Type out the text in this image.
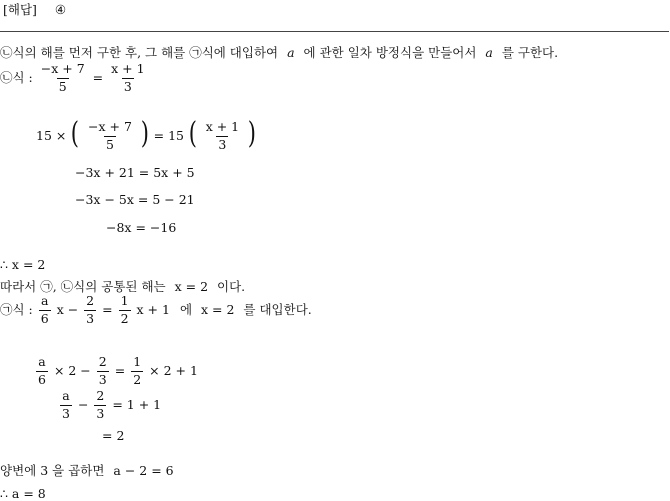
[해답] ④
㉡식의 해를 먼저 구한 후, 그 해를 ㉠식에 대입하여 a 에 관한 일차 방정식을 만들어서 a 를 구한다.
㉡식 : $\frac{-x + 7}{5} = \frac{x + 1}{3}$
15 × ( $\frac{-x + 7}{5}$ ) = 15 ( $\frac{x + 1}{3}$ )
−3x + 21 = 5x + 5
−3x − 5x = 5 − 21
−8x = −16
∴ x = 2
따라서 ㉠, ㉡식의 공통된 해는 x = 2 이다.
㉠식 : $\frac{a}{6}$ $x - \frac{2}{3} = \frac{1}{2}$ x + 1 에 x = 2 를 대입한다.
$\frac{a}{6} \times 2 - \frac{2}{3} = \frac{1}{2} \times 2 + 1$
$\frac{a}{3} - \frac{2}{3} = 1 + 1$
= 2
양변에 3 을 곱하면 a − 2 = 6
∴ a = 8
